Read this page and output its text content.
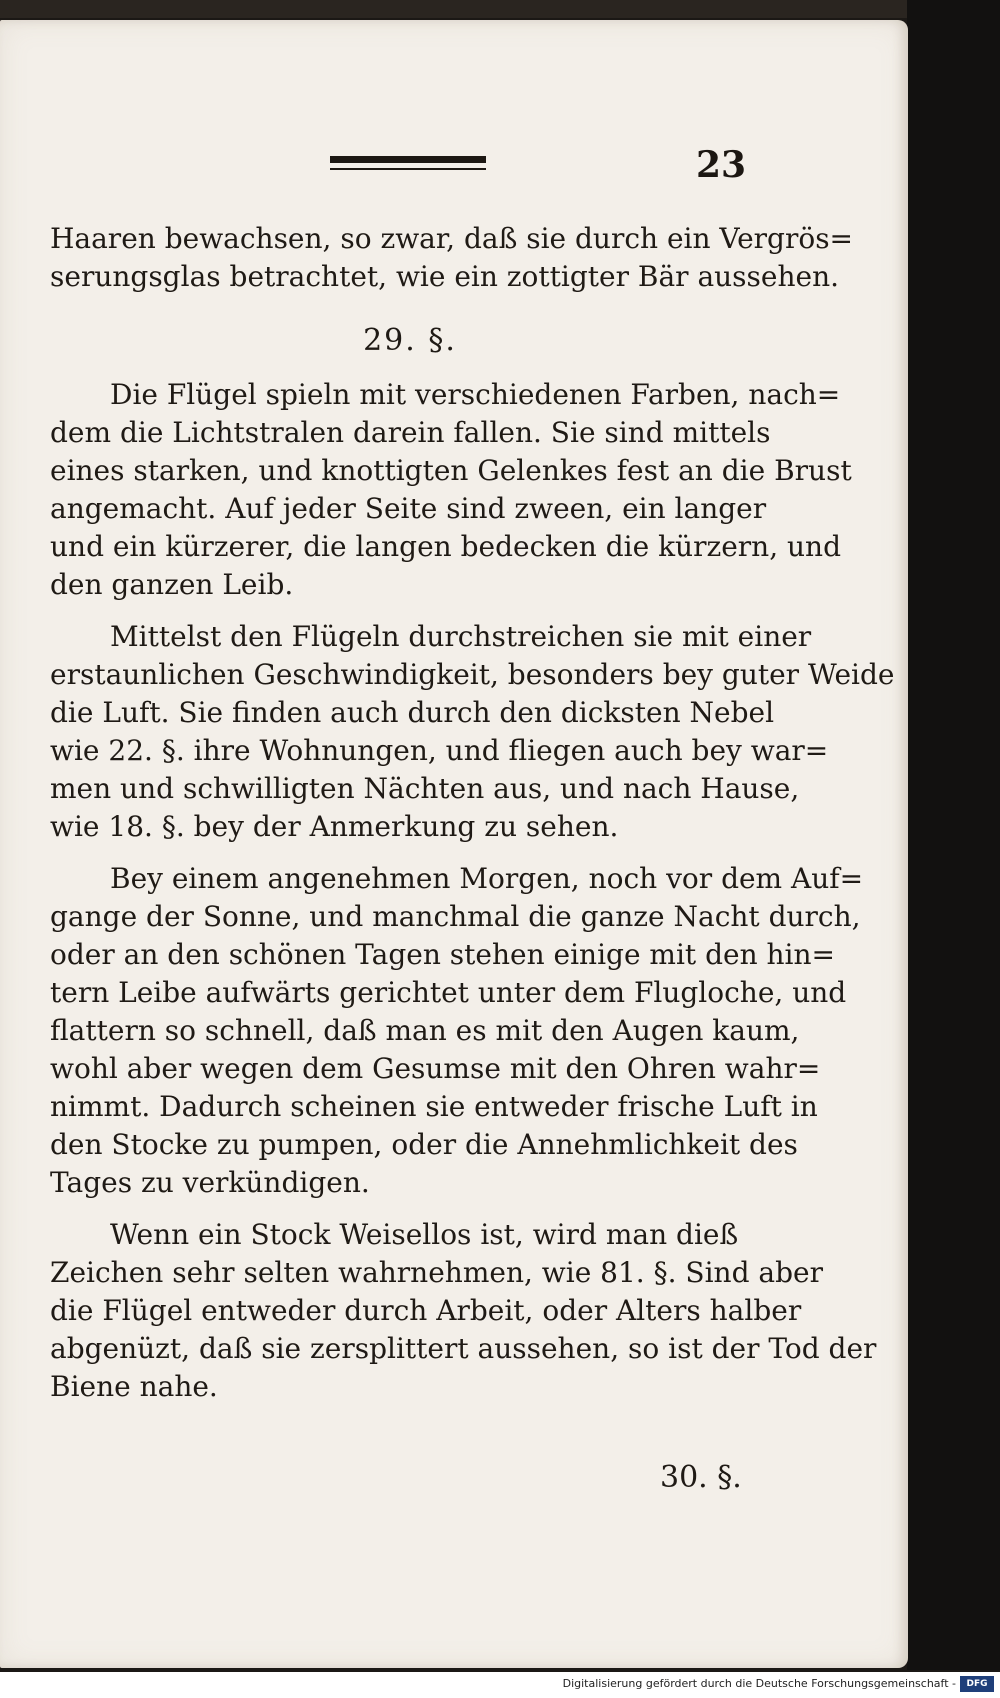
23
Haaren bewachsen, so zwar, daß sie durch ein Vergrös=
serungsglas betrachtet, wie ein zottigter Bär aussehen.
29. §.
Die Flügel spieln mit verschiedenen Farben, nach=
dem die Lichtstralen darein fallen. Sie sind mittels
eines starken, und knottigten Gelenkes fest an die Brust
angemacht. Auf jeder Seite sind zween, ein langer
und ein kürzerer, die langen bedecken die kürzern, und
den ganzen Leib.
Mittelst den Flügeln durchstreichen sie mit einer
erstaunlichen Geschwindigkeit, besonders bey guter Weide
die Luft. Sie finden auch durch den dicksten Nebel
wie 22. §. ihre Wohnungen, und fliegen auch bey war=
men und schwilligten Nächten aus, und nach Hause,
wie 18. §. bey der Anmerkung zu sehen.
Bey einem angenehmen Morgen, noch vor dem Auf=
gange der Sonne, und manchmal die ganze Nacht durch,
oder an den schönen Tagen stehen einige mit den hin=
tern Leibe aufwärts gerichtet unter dem Flugloche, und
flattern so schnell, daß man es mit den Augen kaum,
wohl aber wegen dem Gesumse mit den Ohren wahr=
nimmt. Dadurch scheinen sie entweder frische Luft in
den Stocke zu pumpen, oder die Annehmlichkeit des
Tages zu verkündigen.
Wenn ein Stock Weisellos ist, wird man dieß
Zeichen sehr selten wahrnehmen, wie 81. §. Sind aber
die Flügel entweder durch Arbeit, oder Alters halber
abgenüzt, daß sie zersplittert aussehen, so ist der Tod der
Biene nahe.
30. §.
Digitalisierung gefördert durch die Deutsche Forschungsgemeinschaft -	DFG
